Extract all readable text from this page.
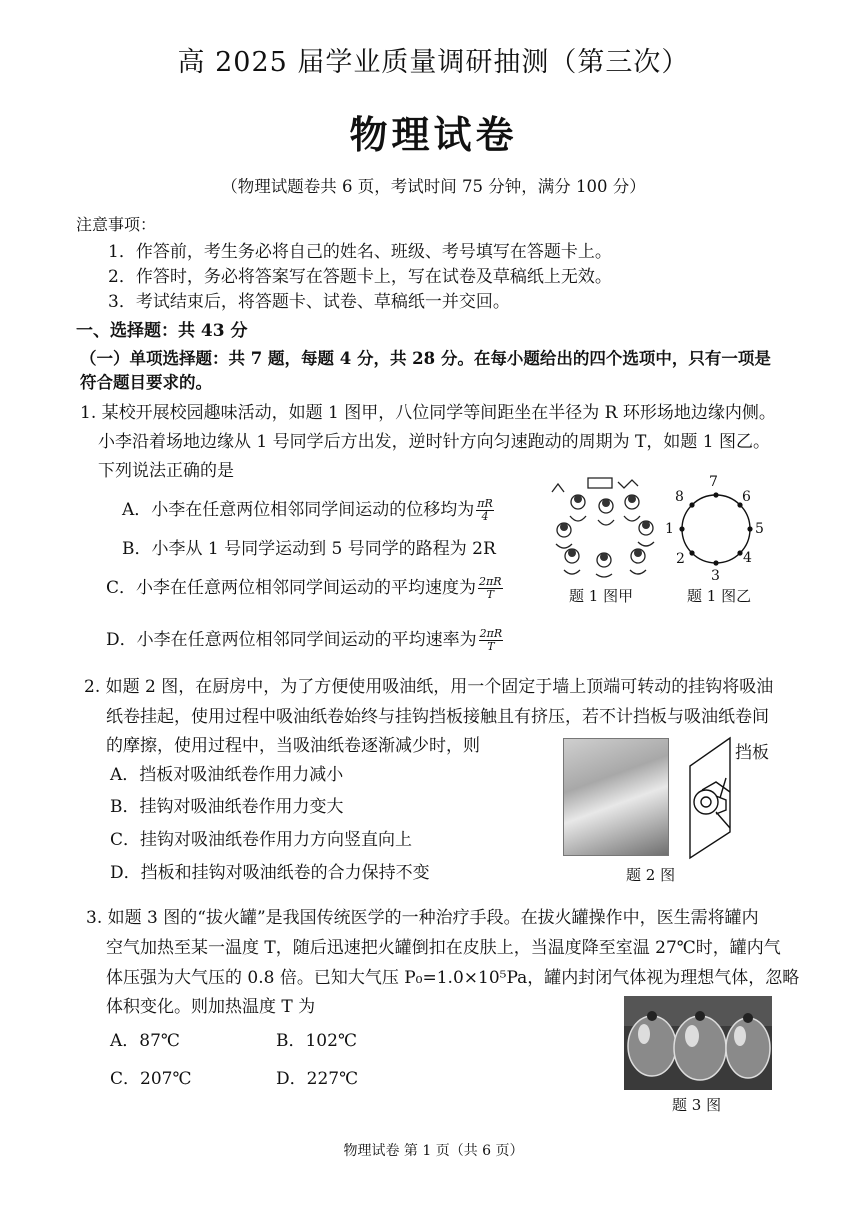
高 2025 届学业质量调研抽测（第三次）
物理试卷
（物理试题卷共 6 页，考试时间 75 分钟，满分 100 分）
注意事项：
1．作答前，考生务必将自己的姓名、班级、考号填写在答题卡上。
2．作答时，务必将答案写在答题卡上，写在试卷及草稿纸上无效。
3．考试结束后，将答题卡、试卷、草稿纸一并交回。
一、选择题：共 43 分
（一）单项选择题：共 7 题，每题 4 分，共 28 分。在每小题给出的四个选项中，只有一项是
符合题目要求的。
1. 某校开展校园趣味活动，如题 1 图甲，八位同学等间距坐在半径为 R 环形场地边缘内侧。
小李沿着场地边缘从 1 号同学后方出发，逆时针方向匀速跑动的周期为 T，如题 1 图乙。
下列说法正确的是
A．小李在任意两位相邻同学间运动的位移均为 $\frac{\pi R}{4}$
B．小李从 1 号同学运动到 5 号同学的路程为 2R
C．小李在任意两位相邻同学间运动的平均速度为 $\frac{2\pi R}{T}$
D．小李在任意两位相邻同学间运动的平均速率为 $\frac{2\pi R}{T}$
7
6
5
4
3
2
1
8
题 1 图甲	题 1 图乙
2. 如题 2 图，在厨房中，为了方便使用吸油纸，用一个固定于墙上顶端可转动的挂钩将吸油
纸卷挂起，使用过程中吸油纸卷始终与挂钩挡板接触且有挤压，若不计挡板与吸油纸卷间
的摩擦，使用过程中，当吸油纸卷逐渐减少时，则
A．挡板对吸油纸卷作用力减小
B．挂钩对吸油纸卷作用力变大
C．挂钩对吸油纸卷作用力方向竖直向上
D．挡板和挂钩对吸油纸卷的合力保持不变
挡板
题 2 图
3. 如题 3 图的“拔火罐”是我国传统医学的一种治疗手段。在拔火罐操作中，医生需将罐内
空气加热至某一温度 T，随后迅速把火罐倒扣在皮肤上，当温度降至室温 27℃时，罐内气
体压强为大气压的 0.8 倍。已知大气压 P₀=1.0×10⁵Pa，罐内封闭气体视为理想气体，忽略
体积变化。则加热温度 T 为
A．87℃	B．102℃
C．207℃	D．227℃
题 3 图
物理试卷 第 1 页（共 6 页）
